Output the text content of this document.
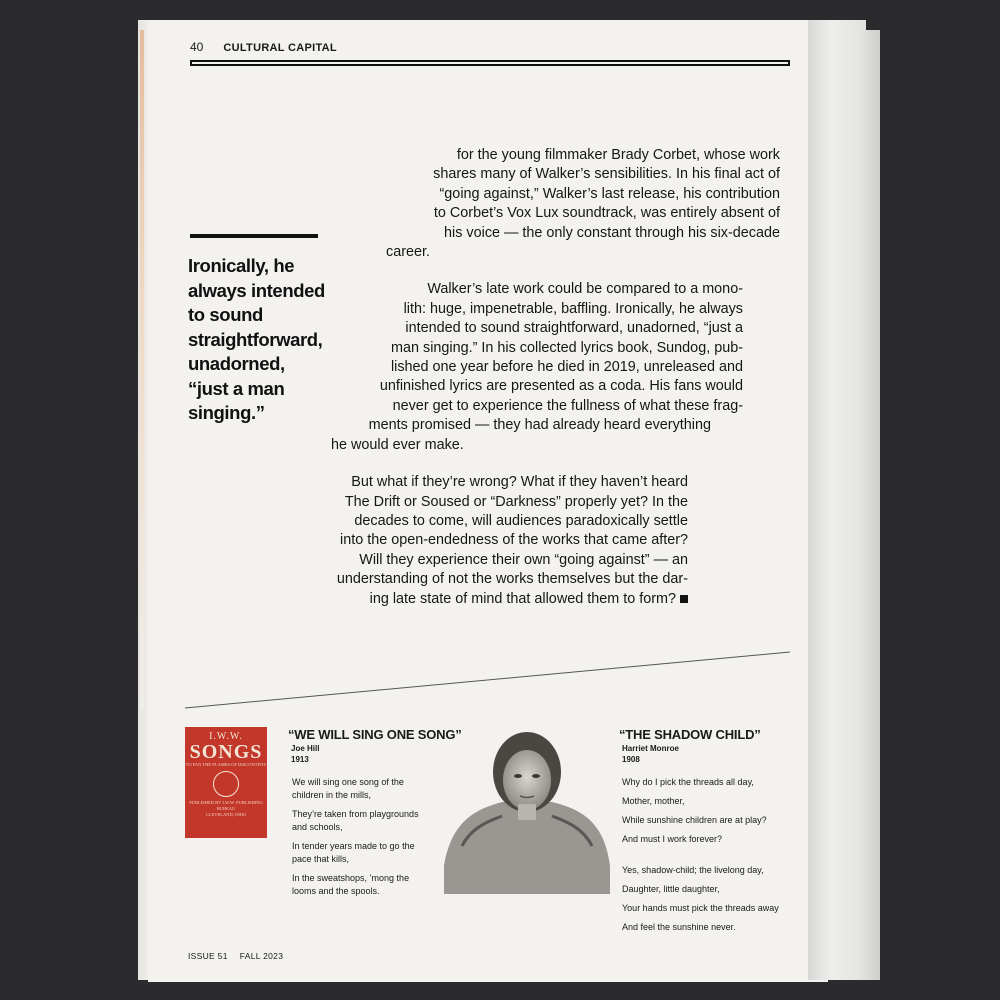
40 CULTURAL CAPITAL
Ironically, he always intended to sound straightforward, unadorned, “just a man singing.”
for the young filmmaker Brady Corbet, whose work
shares many of Walker’s sensibilities. In his final act of
“going against,” Walker’s last release, his contribution
to Corbet’s Vox Lux soundtrack, was entirely absent of
his voice — the only constant through his six-decade
career.
Walker’s late work could be compared to a mono-
lith: huge, impenetrable, baffling. Ironically, he always
intended to sound straightforward, unadorned, “just a
man singing.” In his collected lyrics book, Sundog, pub-
lished one year before he died in 2019, unreleased and
unfinished lyrics are presented as a coda. His fans would
never get to experience the fullness of what these frag-
ments promised — they had already heard everything
he would ever make.
But what if they’re wrong? What if they haven’t heard
The Drift or Soused or “Darkness” properly yet? In the
decades to come, will audiences paradoxically settle
into the open-endedness of the works that came after?
Will they experience their own “going against” — an
understanding of not the works themselves but the dar-
ing late state of mind that allowed them to form?
I.W.W.
SONGS
TO FAN THE FLAMES OF DISCONTENT
PUBLISHED BY I.W.W. PUBLISHING BUREAU
CLEVELAND, OHIO
“WE WILL SING ONE SONG”
Joe Hill
1913
We will sing one song of the
children in the mills,
They’re taken from playgrounds
and schools,
In tender years made to go the
pace that kills,
In the sweatshops, ’mong the
looms and the spools.
“THE SHADOW CHILD”
Harriet Monroe
1908
Why do I pick the threads all day,
Mother, mother,
While sunshine children are at play?
And must I work forever?
Yes, shadow-child; the livelong day,
Daughter, little daughter,
Your hands must pick the threads away
And feel the sunshine never.
ISSUE 51 FALL 2023
